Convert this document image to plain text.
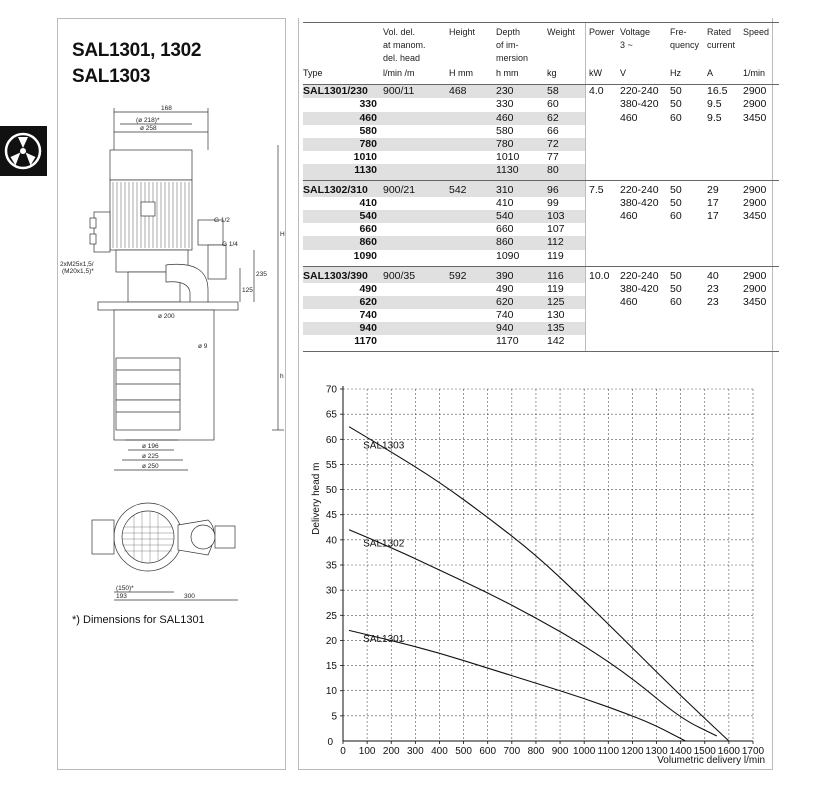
SAL1301, 1302
SAL1303
168
(ø 218)*
ø 258
G 1/2
G 1/4
2xM25x1,5/
(M20x1,5)*
H
h
235
125
ø 200
ø 9
ø 196
ø 225
ø 250
(150)*
193	300
*) Dimensions for SAL1301
	Vol. del.	Height	Depth	Weight	Power	Voltage	Fre-	Rated	Speed
	at manom.		of im-			3 ~	quency	current	
	del. head		mersion						
Type	l/min /m	H mm	h mm	kg	kW	V	Hz	A	1/min
SAL1301/230	900/11	468	230	58	4.0	220-240	50	16.5	2900
330			330	60		380-420	50	9.5	2900
460			460	62		460	60	9.5	3450
580			580	66					
780			780	72					
1010			1010	77					
1130			1130	80					
SAL1302/310	900/21	542	310	96	7.5	220-240	50	29	2900
410			410	99		380-420	50	17	2900
540			540	103		460	60	17	3450
660			660	107					
860			860	112					
1090			1090	119					
SAL1303/390	900/35	592	390	116	10.0	220-240	50	40	2900
490			490	119		380-420	50	23	2900
620			620	125		460	60	23	3450
740			740	130					
940			940	135					
1170			1170	142					
0 100 200 300 400 500 600 700 800 900 1000 1100 1200 1300 1400 1500 1600 1700
5
10
15
20
25
30
35
40
45
50
55
60
65
70
0
Volumetric delivery l/min
Delivery head m
SAL1303
SAL1302
SAL1301
